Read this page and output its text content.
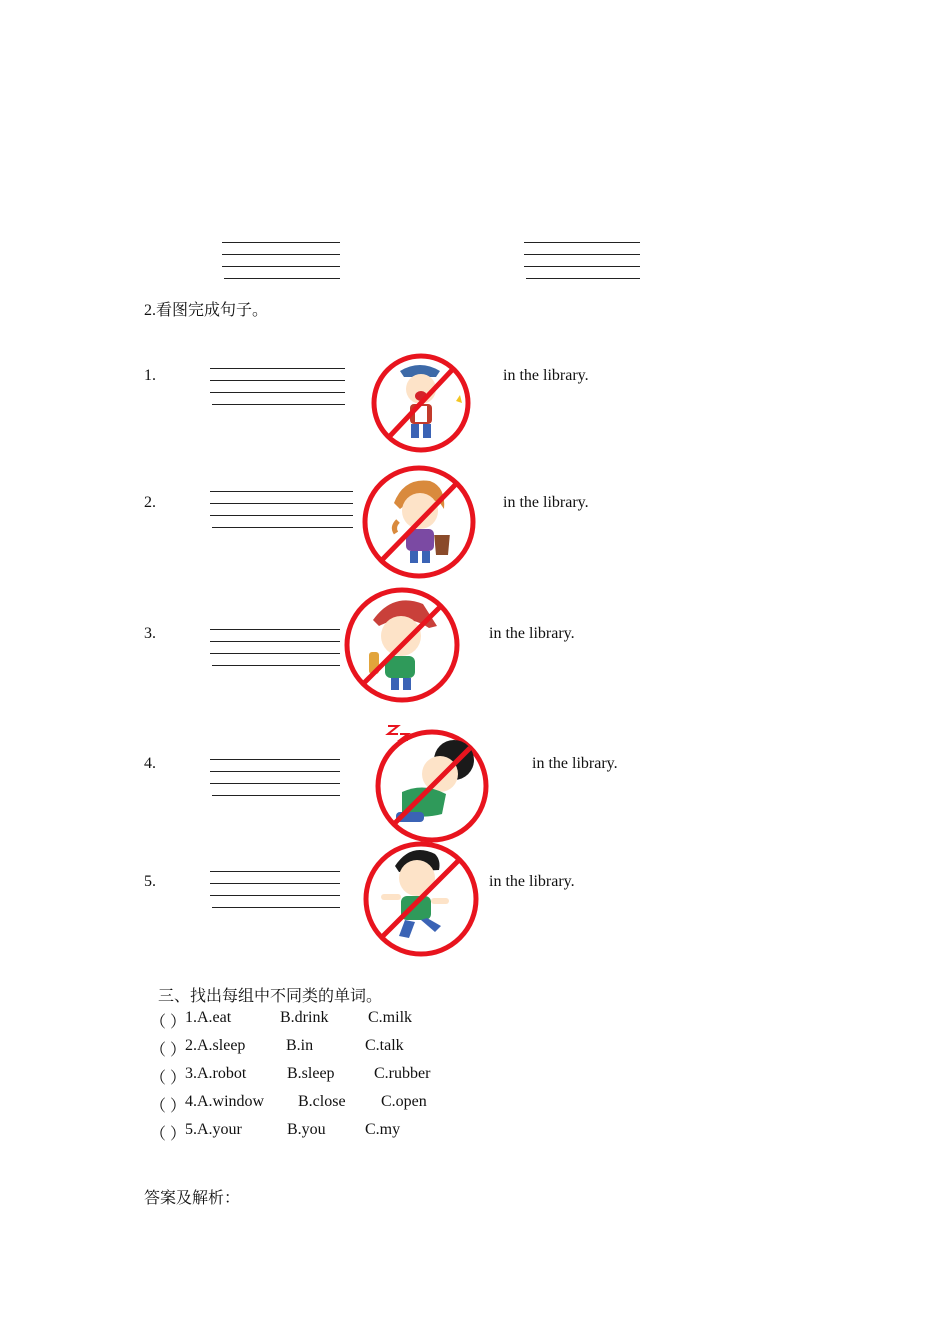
2.看图完成句子。
1.	in the library.
2.	in the library.
3.	in the library.
4.	in the library.
5.	in the library.
三、找出每组中不同类的单词。
（ ）
1.A.eat	B.drink C.milk
（ ）
2.A.sleep	B.in	C.talk
（ ）
3.A.robot	B.sleep C.rubber
（ ）
4.A.window B.close C.open
（ ）
5.A.your	B.you C.my
答案及解析：
